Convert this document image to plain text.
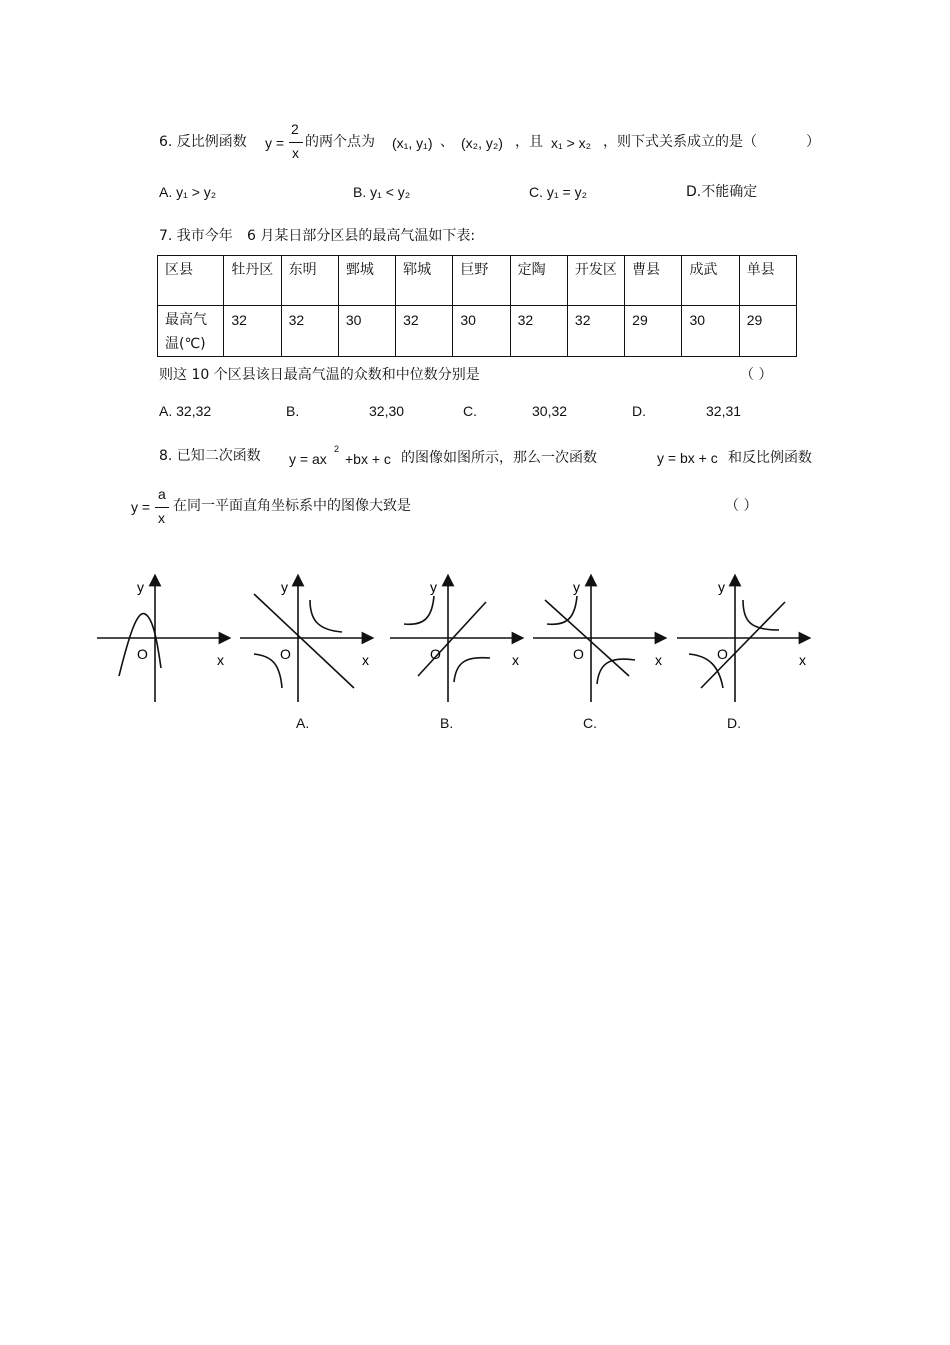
6. 反比例函数 y =
2
x
的两个点为 (x₁, y₁) 、 (x₂, y₂) ，且 x₁ > x₂ ，则下式关系成立的是（	）
A. y₁ > y₂	B. y₁ < y₂	C. y₁ = y₂	D.不能确定
7. 我市今年 6 月某日部分区县的最高气温如下表:
区县	牡丹区	东明	鄄城	郓城	巨野	定陶	开发区	曹县	成武	单县
最高气温(℃)	32	32	30	32	30	32	32	29	30	29
则这 10 个区县该日最高气温的众数和中位数分别是	（ ）
A. 32,32	B.	32,30	C.	30,32	D.	32,31
8. 已知二次函数 y = ax
2
+bx + c 的图像如图所示，那么一次函数	y = bx + c 和反比例函数
y =
a
x
在同一平面直角坐标系中的图像大致是	（ ）
y
x
O
y
x
O
y
x
O
y
x
O
y
x
O
A.	B.	C.	D.
